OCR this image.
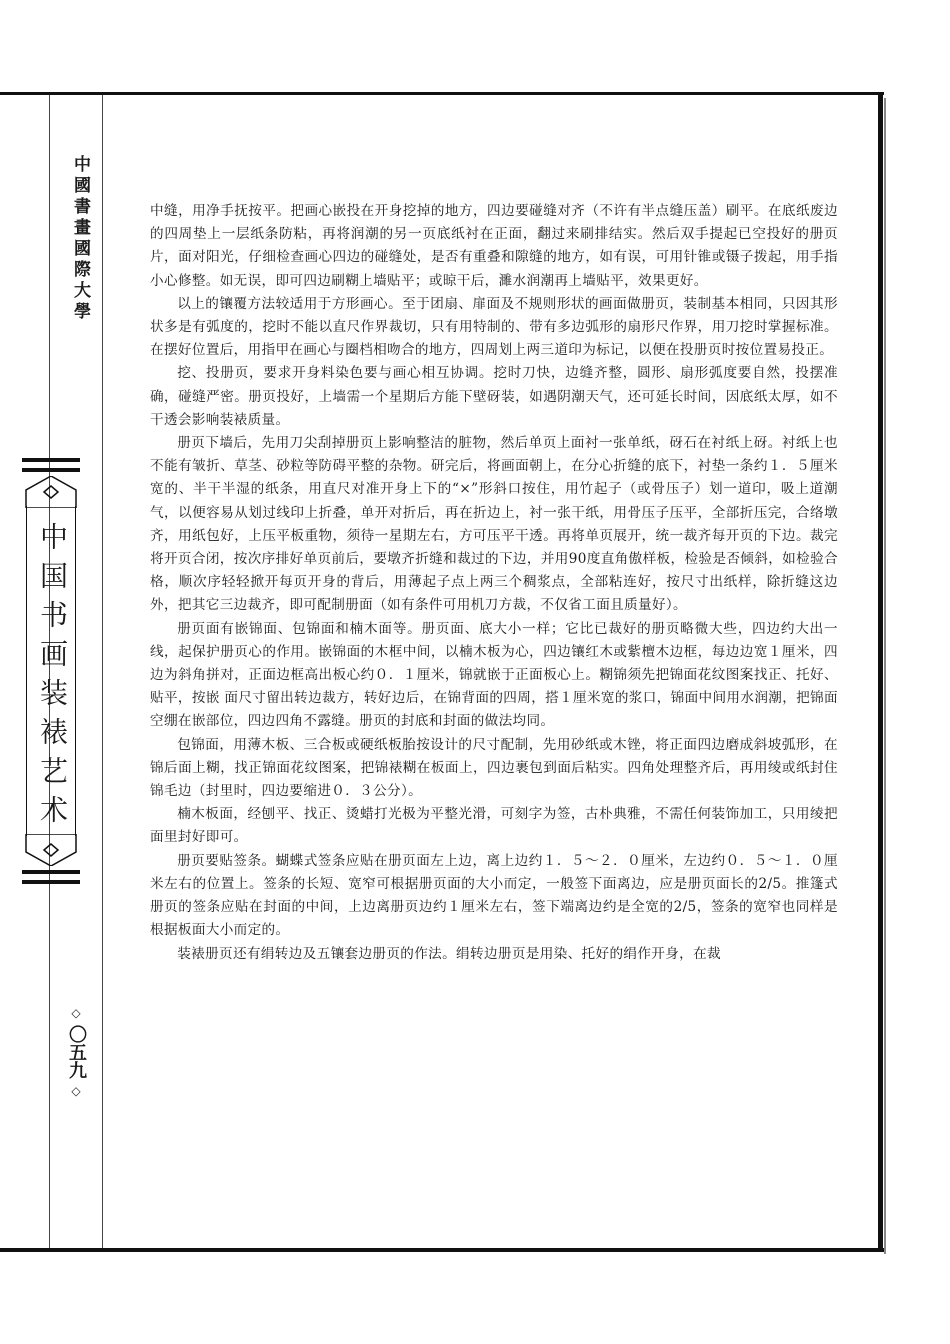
中國書畫國際大學
中国书画装裱艺术
◇
〇五九
◇

中缝，用净手抚按平。把画心嵌投在开身挖掉的地方，四边要碰缝对齐（不许有半点缝压盖）刷平。在底纸废边的四周垫上一层纸条防粘，再将润潮的另一页底纸衬在正面，翻过来刷排结实。然后双手提起已空投好的册页片，面对阳光，仔细检查画心四边的碰缝处，是否有重叠和隙缝的地方，如有误，可用针锥或镊子拨起，用手指小心修整。如无误，即可四边刷糊上墙贴平；或晾干后，濉水润潮再上墙贴平，效果更好。

以上的镶覆方法较适用于方形画心。至于团扇、扉面及不规则形状的画面做册页，装制基本相同，只因其形状多是有弧度的，挖时不能以直尺作界裁切，只有用特制的、带有多边弧形的扇形尺作界，用刀挖时掌握标准。在摆好位置后，用指甲在画心与圈档相吻合的地方，四周划上两三道印为标记，以便在投册页时按位置易投正。

挖、投册页，要求开身料染色要与画心相互协调。挖时刀快，边缝齐整，圆形、扇形弧度要自然，投摆准确，碰缝严密。册页投好，上墙需一个星期后方能下壁砑装，如遇阴潮天气，还可延长时间，因底纸太厚，如不干透会影响装裱质量。

册页下墙后，先用刀尖刮掉册页上影响整洁的脏物，然后单页上面衬一张单纸，砑石在衬纸上砑。衬纸上也不能有皱折、草茎、砂粒等防碍平整的杂物。研完后，将画面朝上，在分心折缝的底下，衬垫一条约１．５厘米宽的、半干半湿的纸条，用直尺对准开身上下的“×”形斜口按住，用竹起子（或骨压子）划一道印，吸上道潮气，以便容易从划过线印上折叠，单开对折后，再在折边上，衬一张干纸，用骨压子压平，全部折压完，合络墩齐，用纸包好，上压平板重物，须待一星期左右，方可压平干透。再将单页展开，统一裁齐每开页的下边。裁完将开页合闭，按次序排好单页前后，要墩齐折缝和裁过的下边，并用90度直角傲样板，检验是否倾斜，如检验合格，顺次序轻轻掀开每页开身的背后，用薄起子点上两三个稠浆点，全部粘连好，按尺寸出纸样，除折缝这边外，把其它三边裁齐，即可配制册面（如有条件可用机刀方裁，不仅省工面且质量好）。

册页面有嵌锦面、包锦面和楠木面等。册页面、底大小一样；它比已裁好的册页略微大些，四边约大出一线，起保护册页心的作用。嵌锦面的木框中间，以楠木板为心，四边镶红木或紫檀木边框，每边边宽１厘米，四边为斜角拼对，正面边框高出板心约０．１厘米，锦就嵌于正面板心上。糊锦须先把锦面花纹图案找正、托好、贴平，按嵌 面尺寸留出转边裁方，转好边后，在锦背面的四周，搭１厘米宽的浆口，锦面中间用水润潮，把锦面空绷在嵌部位，四边四角不露缝。册页的封底和封面的做法均同。

包锦面，用薄木板、三合板或硬纸板胎按设计的尺寸配制，先用砂纸或木锉，将正面四边磨成斜坡弧形，在锦后面上糊，找正锦面花纹图案，把锦裱糊在板面上，四边裹包到面后粘实。四角处理整齐后，再用绫或纸封住锦毛边（封里时，四边要缩进０．３公分）。

楠木板面，经刨平、找正、烫蜡打光极为平整光滑，可刻字为签，古朴典雅，不需任何装饰加工，只用绫把面里封好即可。

册页要贴签条。蝴蝶式签条应贴在册页面左上边，离上边约１．５～２．０厘米，左边约０．５～１．０厘米左右的位置上。签条的长短、宽窄可根据册页面的大小而定，一般签下面离边，应是册页面长的2/5。推篷式册页的签条应贴在封面的中间，上边离册页边约１厘米左右，签下端离边约是全宽的2/5，签条的宽窄也同样是根据板面大小而定的。

装裱册页还有绢转边及五镶套边册页的作法。绢转边册页是用染、托好的绢作开身，在裁
